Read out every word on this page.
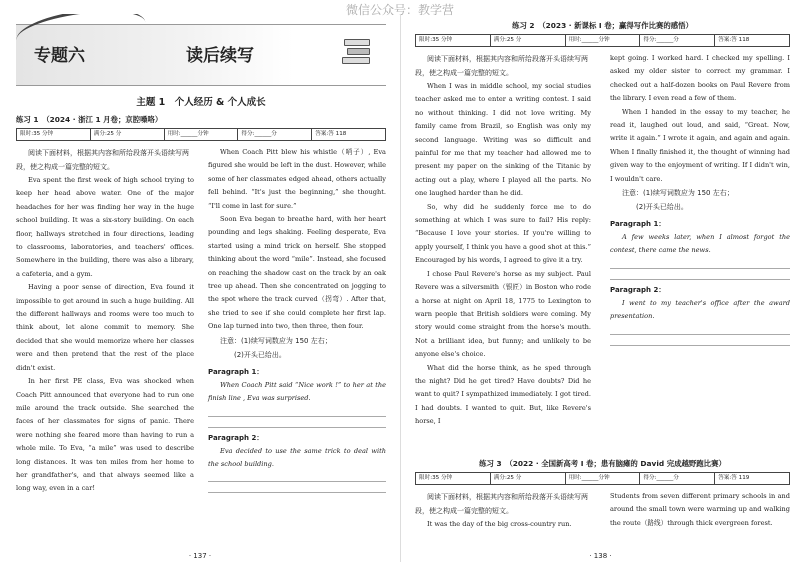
微信公众号：教学营
专题六	读后续写
主题 1　个人经历 & 个人成长
练习 1　（2024 · 浙江 1 月卷；京腔嗓咯）
限时:35 分钟	满分:25 分	用时:______分钟	得分:______分	答案:答 118
阅读下面材料，根据其内容和所给段落开头语续写两段，使之构成一篇完整的短文。
Eva spent the first week of high school trying to keep her head above water. One of the major headaches for her was finding her way in the huge school building. It was a six-story building. On each floor, hallways stretched in four directions, leading to classrooms, laboratories, and teachers' offices. Somewhere in the building, there was also a library, a cafeteria, and a gym.
Having a poor sense of direction, Eva found it impossible to get around in such a huge building. All the different hallways and rooms were too much to think about, let alone commit to memory. She decided that she would memorize where her classes were and then pretend that the rest of the place didn't exist.
In her first PE class, Eva was shocked when Coach Pitt announced that everyone had to run one mile around the track outside. She searched the faces of her classmates for signs of panic. There were nothing she feared more than having to run a whole mile. To Eva, “a mile” was used to describe long distances. It was ten miles from her home to her grandfather's, and that always seemed like a long way, even in a car!
When Coach Pitt blew his whistle（哨子）, Eva figured she would be left in the dust. However, while some of her classmates edged ahead, others actually fell behind. “It's just the beginning,” she thought. “I'll come in last for sure.”
Soon Eva began to breathe hard, with her heart pounding and legs shaking. Feeling desperate, Eva started using a mind trick on herself. She stopped thinking about the word “mile”. Instead, she focused on reaching the shadow cast on the track by an oak tree up ahead. Then she concentrated on jogging to the spot where the track curved（拐弯）. After that, she tried to see if she could complete her first lap. One lap turned into two, then three, then four.
注意：(1)续写词数应为 150 左右；
(2)开头已给出。
Paragraph 1：
When Coach Pitt said “Nice work !” to her at the finish line , Eva was surprised.
Paragraph 2：
Eva decided to use the same trick to deal with the school building.
· 137 ·
练习 2　（2023 · 新课标 I 卷；赢得写作比赛的感悟）
限时:35 分钟	满分:25 分	用时:______分钟	得分:______分	答案:答 118
阅读下面材料，根据其内容和所给段落开头语续写两段，使之构成一篇完整的短文。
When I was in middle school, my social studies teacher asked me to enter a writing contest. I said no without thinking. I did not love writing. My family came from Brazil, so English was only my second language. Writing was so difficult and painful for me that my teacher had allowed me to present my paper on the sinking of the Titanic by acting out a play, where I played all the parts. No one laughed harder than he did.
So, why did he suddenly force me to do something at which I was sure to fail? His reply: “Because I love your stories. If you're willing to apply yourself, I think you have a good shot at this.” Encouraged by his words, I agreed to give it a try.
I chose Paul Revere's horse as my subject. Paul Revere was a silversmith（银匠）in Boston who rode a horse at night on April 18, 1775 to Lexington to warn people that British soldiers were coming. My story would come straight from the horse's mouth. Not a brilliant idea, but funny; and unlikely to be anyone else's choice.
What did the horse think, as he sped through the night? Did he get tired? Have doubts? Did he want to quit? I sympathized immediately. I got tired. I had doubts. I wanted to quit. But, like Revere's horse, I
kept going. I worked hard. I checked my spelling. I asked my older sister to correct my grammar. I checked out a half-dozen books on Paul Revere from the library. I even read a few of them.
When I handed in the essay to my teacher, he read it, laughed out loud, and said, “Great. Now, write it again.” I wrote it again, and again and again. When I finally finished it, the thought of winning had given way to the enjoyment of writing. If I didn't win, I wouldn't care.
注意：(1)续写词数应为 150 左右；
(2)开头已给出。
Paragraph 1：
A few weeks later, when I almost forgot the contest, there came the news.
Paragraph 2：
I went to my teacher's office after the award presentation.
练习 3　（2022 · 全国新高考 I 卷；患有脑瘫的 David 完成越野跑比赛）
限时:35 分钟	满分:25 分	用时:______分钟	得分:______分	答案:答 119
阅读下面材料，根据其内容和所给段落开头语续写两段，使之构成一篇完整的短文。
It was the day of the big cross-country run.
Students from seven different primary schools in and around the small town were warming up and walking the route（路线）through thick evergreen forest.
· 138 ·
